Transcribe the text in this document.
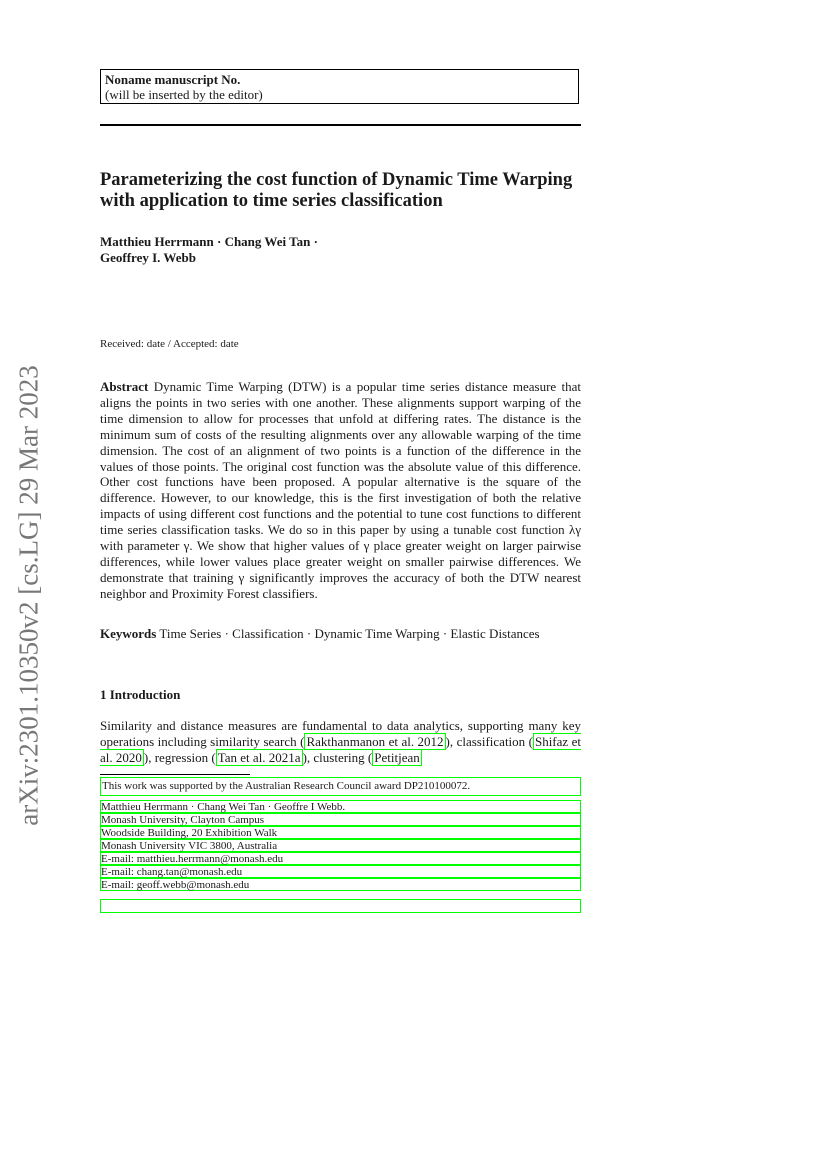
Noname manuscript No.
(will be inserted by the editor)
Parameterizing the cost function of Dynamic Time Warping with application to time series classification
Matthieu Herrmann · Chang Wei Tan ·
Geoffrey I. Webb
Received: date / Accepted: date
Abstract Dynamic Time Warping (DTW) is a popular time series distance measure that aligns the points in two series with one another. These alignments support warping of the time dimension to allow for processes that unfold at differing rates. The distance is the minimum sum of costs of the resulting alignments over any allowable warping of the time dimension. The cost of an alignment of two points is a function of the difference in the values of those points. The original cost function was the absolute value of this difference. Other cost functions have been proposed. A popular alternative is the square of the difference. However, to our knowledge, this is the first investigation of both the relative impacts of using different cost functions and the potential to tune cost functions to different time series classification tasks. We do so in this paper by using a tunable cost function λγ with parameter γ. We show that higher values of γ place greater weight on larger pairwise differences, while lower values place greater weight on smaller pairwise differences. We demonstrate that training γ significantly improves the accuracy of both the DTW nearest neighbor and Proximity Forest classifiers.
Keywords Time Series · Classification · Dynamic Time Warping · Elastic Distances
1 Introduction
Similarity and distance measures are fundamental to data analytics, supporting many key operations including similarity search ( Rakthanmanon et al. 2012 ), classification ( Shifaz et al. 2020 ), regression ( Tan et al. 2021a ), clustering ( Petitjean
This work was supported by the Australian Research Council award DP210100072.
Matthieu Herrmann · Chang Wei Tan · Geoffre I Webb.
Monash University, Clayton Campus
Woodside Building, 20 Exhibition Walk
Monash University VIC 3800, Australia
E-mail: matthieu.herrmann@monash.edu
E-mail: chang.tan@monash.edu
E-mail: geoff.webb@monash.edu
arXiv:2301.10350v2 [cs.LG] 29 Mar 2023
